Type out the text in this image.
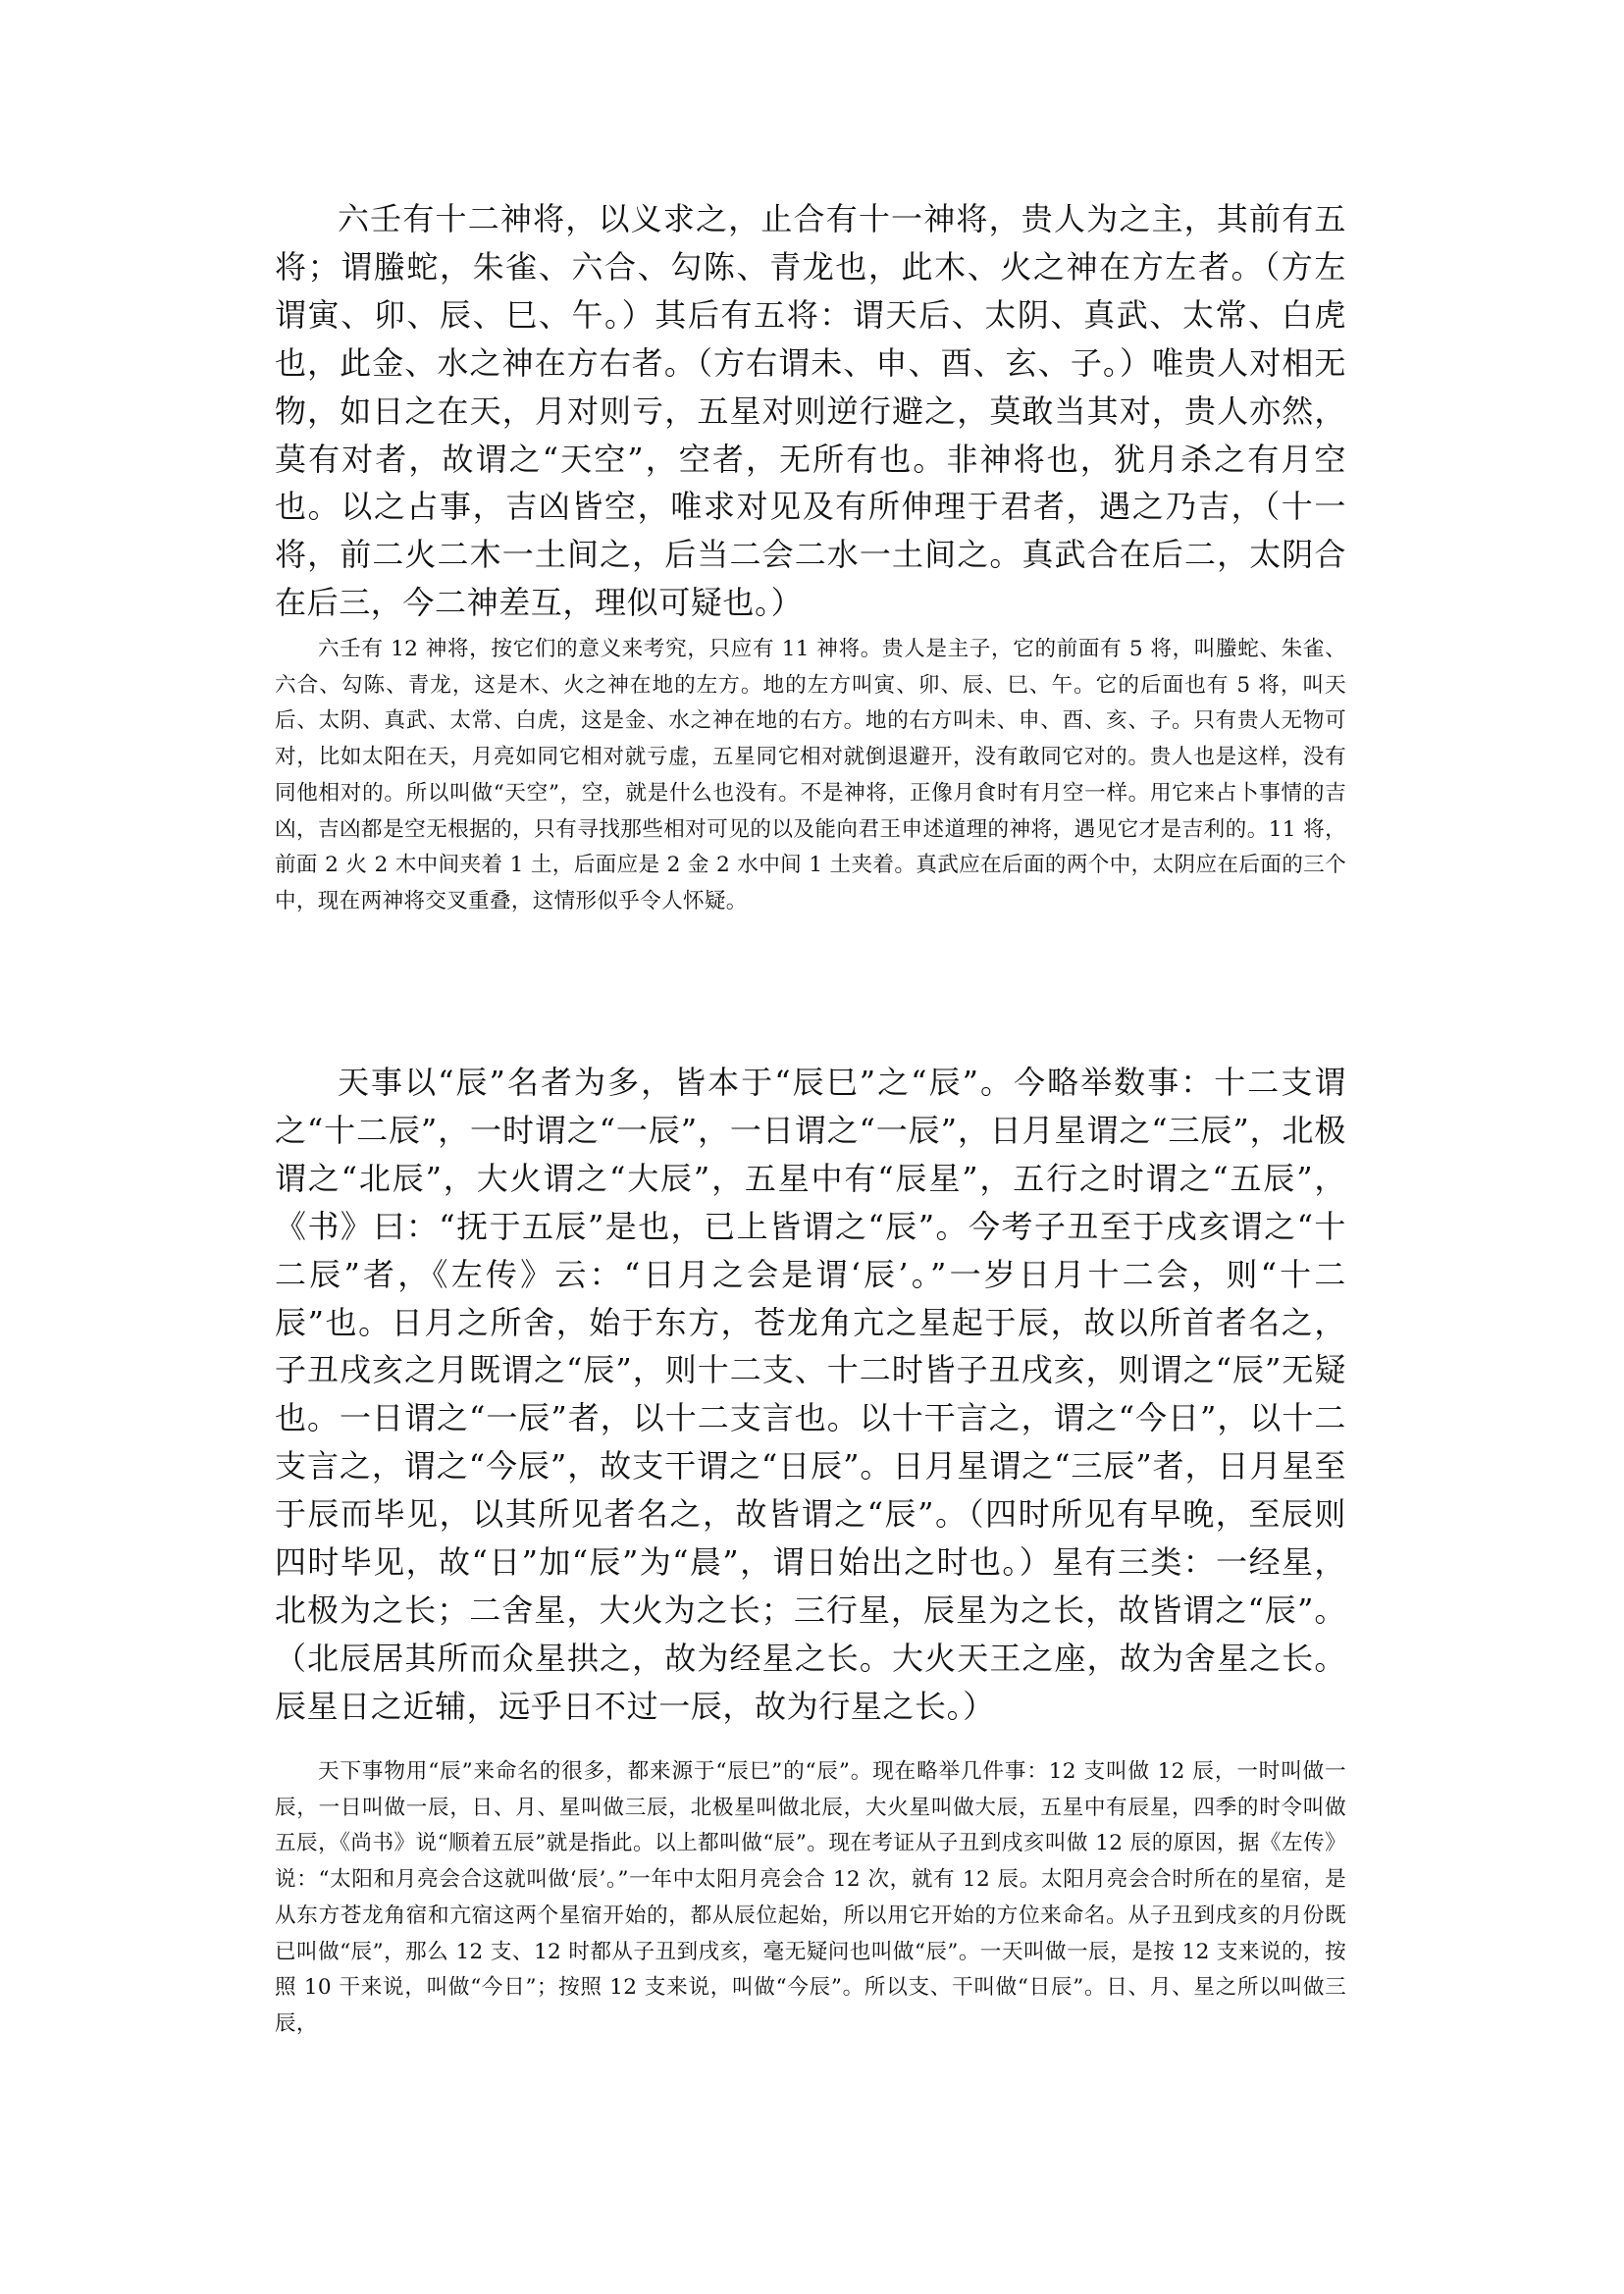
六壬有十二神将，以义求之，止合有十一神将，贵人为之主，其前有五将；谓螣蛇，朱雀、六合、勾陈、青龙也，此木、火之神在方左者。（方左谓寅、卯、辰、巳、午。）其后有五将：谓天后、太阴、真武、太常、白虎也，此金、水之神在方右者。（方右谓未、申、酉、玄、子。）唯贵人对相无物，如日之在天，月对则亏，五星对则逆行避之，莫敢当其对，贵人亦然，莫有对者，故谓之“天空”，空者，无所有也。非神将也，犹月杀之有月空也。以之占事，吉凶皆空，唯求对见及有所伸理于君者，遇之乃吉，（十一将，前二火二木一土间之，后当二会二水一土间之。真武合在后二，太阴合在后三，今二神差互，理似可疑也。）

六壬有 12 神将，按它们的意义来考究，只应有 11 神将。贵人是主子，它的前面有 5 将，叫螣蛇、朱雀、六合、勾陈、青龙，这是木、火之神在地的左方。地的左方叫寅、卯、辰、巳、午。它的后面也有 5 将，叫天后、太阴、真武、太常、白虎，这是金、水之神在地的右方。地的右方叫未、申、酉、亥、子。只有贵人无物可对，比如太阳在天，月亮如同它相对就亏虚，五星同它相对就倒退避开，没有敢同它对的。贵人也是这样，没有同他相对的。所以叫做“天空”，空，就是什么也没有。不是神将，正像月食时有月空一样。用它来占卜事情的吉凶，吉凶都是空无根据的，只有寻找那些相对可见的以及能向君王申述道理的神将，遇见它才是吉利的。11 将，前面 2 火 2 木中间夹着 1 土，后面应是 2 金 2 水中间 1 土夹着。真武应在后面的两个中，太阴应在后面的三个中，现在两神将交叉重叠，这情形似乎令人怀疑。

天事以“辰”名者为多，皆本于“辰巳”之“辰”。今略举数事：十二支谓之“十二辰”，一时谓之“一辰”，一日谓之“一辰”，日月星谓之“三辰”，北极谓之“北辰”，大火谓之“大辰”，五星中有“辰星”，五行之时谓之“五辰”，《书》曰：“抚于五辰”是也，已上皆谓之“辰”。今考子丑至于戌亥谓之“十二辰”者，《左传》云：“日月之会是谓‘辰’。”一岁日月十二会，则“十二辰”也。日月之所舍，始于东方，苍龙角亢之星起于辰，故以所首者名之，子丑戌亥之月既谓之“辰”，则十二支、十二时皆子丑戌亥，则谓之“辰”无疑也。一日谓之“一辰”者，以十二支言也。以十干言之，谓之“今日”，以十二支言之，谓之“今辰”，故支干谓之“日辰”。日月星谓之“三辰”者，日月星至于辰而毕见，以其所见者名之，故皆谓之“辰”。（四时所见有早晚，至辰则四时毕见，故“日”加“辰”为“晨”，谓日始出之时也。）星有三类：一经星，北极为之长；二舍星，大火为之长；三行星，辰星为之长，故皆谓之“辰”。（北辰居其所而众星拱之，故为经星之长。大火天王之座，故为舍星之长。辰星日之近辅，远乎日不过一辰，故为行星之长。）

天下事物用“辰”来命名的很多，都来源于“辰巳”的“辰”。现在略举几件事：12 支叫做 12 辰，一时叫做一辰，一日叫做一辰，日、月、星叫做三辰，北极星叫做北辰，大火星叫做大辰，五星中有辰星，四季的时令叫做五辰，《尚书》说“顺着五辰”就是指此。以上都叫做“辰”。现在考证从子丑到戌亥叫做 12 辰的原因，据《左传》说：“太阳和月亮会合这就叫做‘辰’。”一年中太阳月亮会合 12 次，就有 12 辰。太阳月亮会合时所在的星宿，是从东方苍龙角宿和亢宿这两个星宿开始的，都从辰位起始，所以用它开始的方位来命名。从子丑到戌亥的月份既已叫做“辰”，那么 12 支、12 时都从子丑到戌亥，毫无疑问也叫做“辰”。一天叫做一辰，是按 12 支来说的，按照 10 干来说，叫做“今日”；按照 12 支来说，叫做“今辰”。所以支、干叫做“日辰”。日、月、星之所以叫做三辰，
